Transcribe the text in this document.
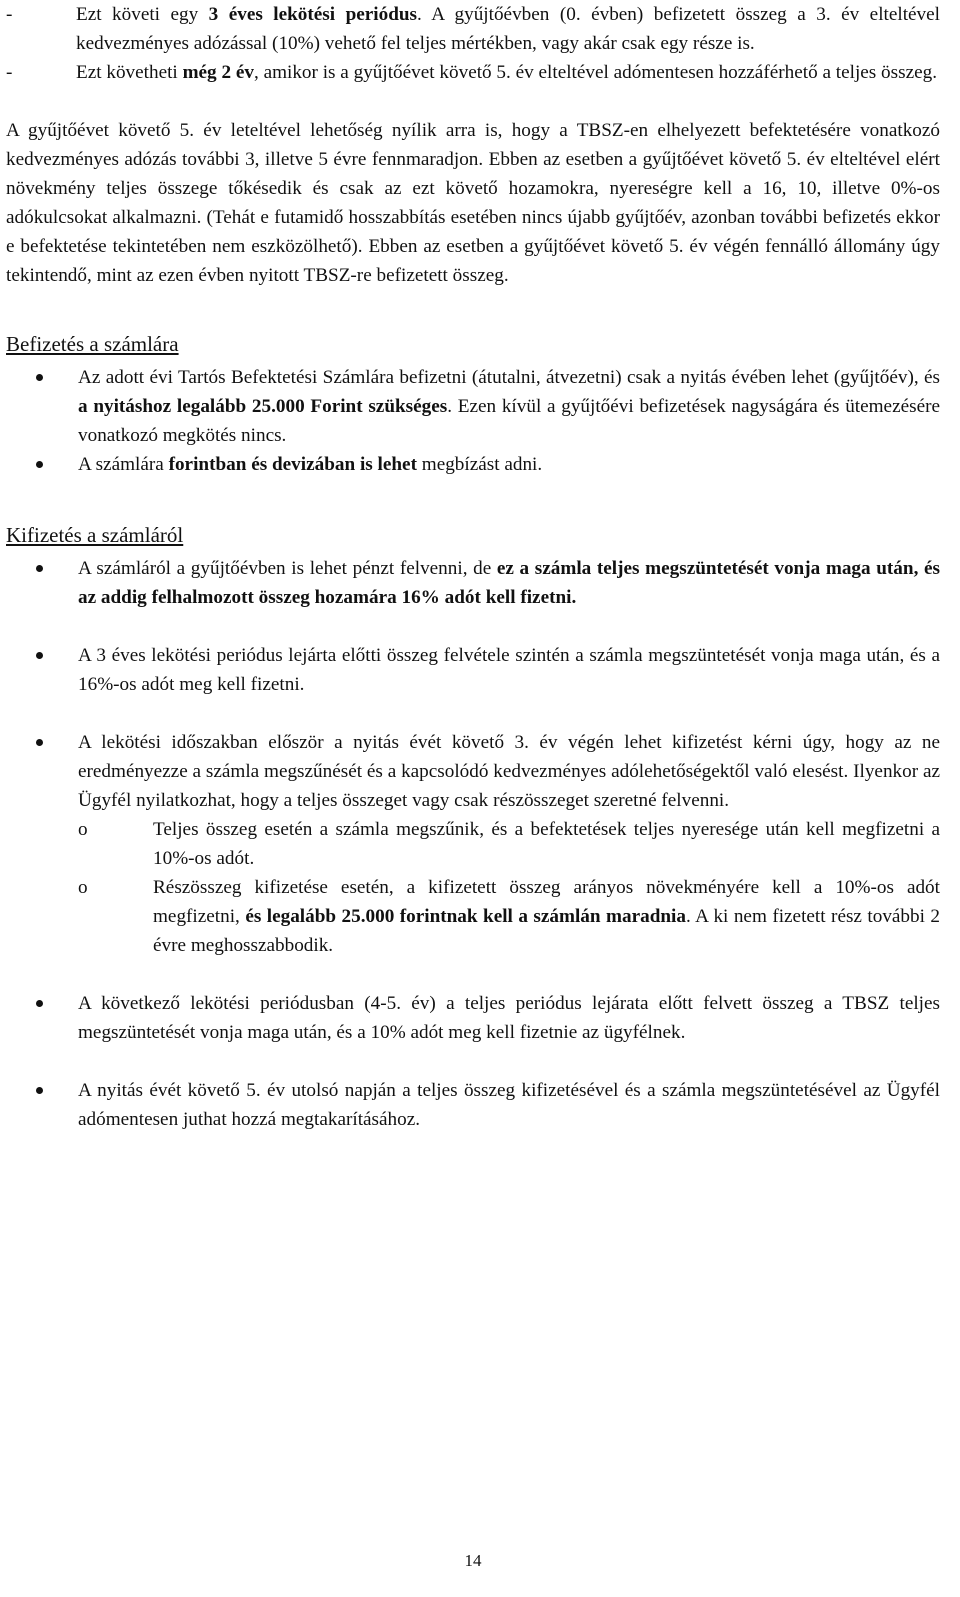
-	Ezt követi egy 3 éves lekötési periódus. A gyűjtőévben (0. évben) befizetett összeg a 3. év elteltével kedvezményes adózással (10%) vehető fel teljes mértékben, vagy akár csak egy része is.
-	Ezt követheti még 2 év, amikor is a gyűjtőévet követő 5. év elteltével adómentesen hozzáférhető a teljes összeg.

A gyűjtőévet követő 5. év leteltével lehetőség nyílik arra is, hogy a TBSZ-en elhelyezett befektetésére vonatkozó kedvezményes adózás további 3, illetve 5 évre fennmaradjon. Ebben az esetben a gyűjtőévet követő 5. év elteltével elért növekmény teljes összege tőkésedik és csak az ezt követő hozamokra, nyereségre kell a 16, 10, illetve 0%-os adókulcsokat alkalmazni. (Tehát e futamidő hosszabbítás esetében nincs újabb gyűjtőév, azonban további befizetés ekkor e befektetése tekintetében nem eszközölhető). Ebben az esetben a gyűjtőévet követő 5. év végén fennálló állomány úgy tekintendő, mint az ezen évben nyitott TBSZ-re befizetett összeg.

Befizetés a számlára
Az adott évi Tartós Befektetési Számlára befizetni (átutalni, átvezetni) csak a nyitás évében lehet (gyűjtőév), és a nyitáshoz legalább 25.000 Forint szükséges. Ezen kívül a gyűjtőévi befizetések nagyságára és ütemezésére vonatkozó megkötés nincs.
A számlára forintban és devizában is lehet megbízást adni.
Kifizetés a számláról
A számláról a gyűjtőévben is lehet pénzt felvenni, de ez a számla teljes megszüntetését vonja maga után, és az addig felhalmozott összeg hozamára 16% adót kell fizetni.
A 3 éves lekötési periódus lejárta előtti összeg felvétele szintén a számla megszüntetését vonja maga után, és a 16%-os adót meg kell fizetni.
A lekötési időszakban először a nyitás évét követő 3. év végén lehet kifizetést kérni úgy, hogy az ne eredményezze a számla megszűnését és a kapcsolódó kedvezményes adólehetőségektől való elesést. Ilyenkor az Ügyfél nyilatkozhat, hogy a teljes összeget vagy csak részösszeget szeretné felvenni.
o	Teljes összeg esetén a számla megszűnik, és a befektetések teljes nyeresége után kell megfizetni a 10%-os adót.
o	Részösszeg kifizetése esetén, a kifizetett összeg arányos növekményére kell a 10%-os adót megfizetni, és legalább 25.000 forintnak kell a számlán maradnia. A ki nem fizetett rész további 2 évre meghosszabbodik.
A következő lekötési periódusban (4-5. év) a teljes periódus lejárata előtt felvett összeg a TBSZ teljes megszüntetését vonja maga után, és a 10% adót meg kell fizetnie az ügyfélnek.
A nyitás évét követő 5. év utolsó napján a teljes összeg kifizetésével és a számla megszüntetésével az Ügyfél adómentesen juthat hozzá megtakarításához.
14
